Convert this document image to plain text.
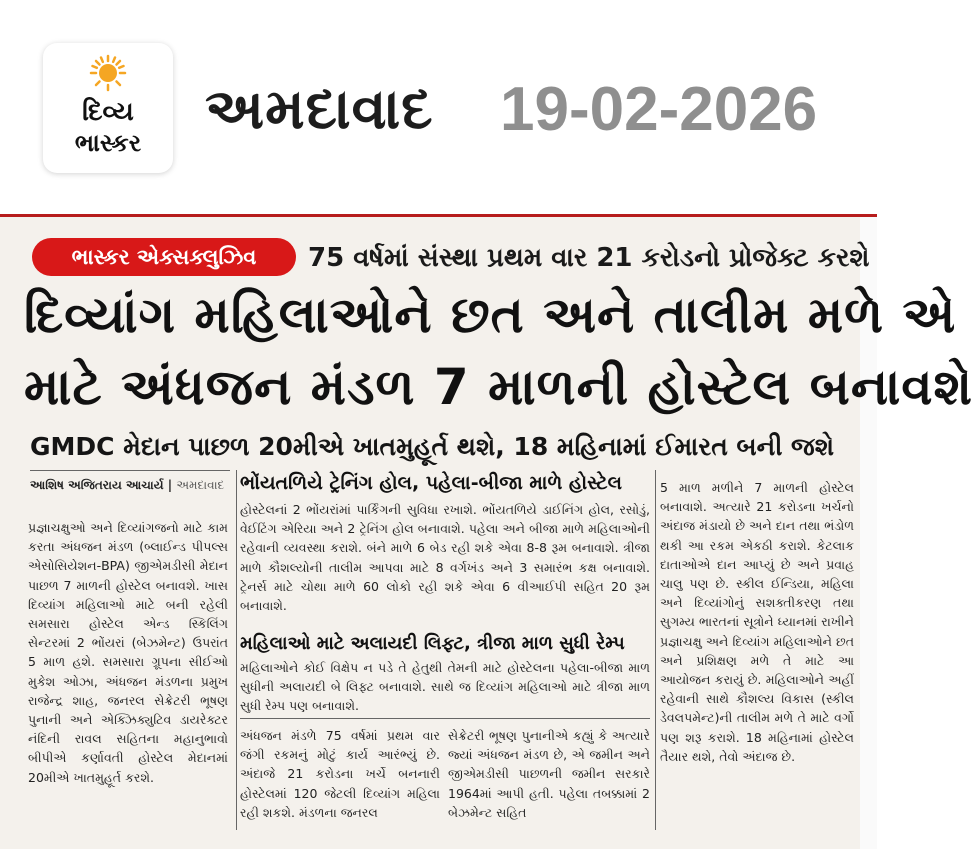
દિવ્ય
ભાસ્કર
અમદાવાદ 19-02-2026
ભાસ્કર એક્સક્લુઝિવ	75 વર્ષમાં સંસ્થા પ્રથમ વાર 21 કરોડનો પ્રોજેક્ટ કરશે
દિવ્યાંગ મહિલાઓને છત અને તાલીમ મળે એ
માટે અંધજન મંડળ 7 માળની હોસ્ટેલ બનાવશે
GMDC મેદાન પાછળ 20મીએ ખાતમુહૂર્ત થશે, 18 મહિનામાં ઈમારત બની જશે
આશિષ અજિતરાય આચાર્ય | અમદાવાદ
પ્રજ્ઞાચક્ષુઓ અને દિવ્યાંગજનો માટે કામ કરતા અંધજન મંડળ (બ્લાઈન્ડ પીપલ્સ એસોસિયેશન-BPA) જીએમડીસી મેદાન પાછળ 7 માળની હોસ્ટેલ બનાવશે. ખાસ દિવ્યાંગ મહિલાઓ માટે બની રહેલી સમસારા હોસ્ટેલ એન્ડ સ્કિલિંગ સેન્ટરમાં 2 ભોંયરાં (બેઝમેન્ટ) ઉપરાંત 5 માળ હશે. સમસારા ગ્રૂપના સીઈઓ મુકેશ ઓઝા, અંધજન મંડળના પ્રમુખ રાજેન્દ્ર શાહ, જનરલ સેક્રેટરી ભૂષણ પુનાની અને એક્ઝિક્યુટિવ ડાયરેક્ટર નંદિની રાવલ સહિતના મહાનુભાવો બીપીએ કર્ણાવતી હોસ્ટેલ મેદાનમાં 20મીએ ખાતમુહૂર્ત કરશે.
ભોંયતળિયે ટ્રેનિંગ હોલ, પહેલા-બીજા માળે હોસ્ટેલ
હોસ્ટેલનાં 2 ભોંયરાંમાં પાર્કિંગની સુવિધા રખાશે. ભોંયતળિયે ડાઈનિંગ હોલ, રસોડું, વેઈટિંગ એરિયા અને 2 ટ્રેનિંગ હોલ બનાવાશે. પહેલા અને બીજા માળે મહિલાઓની રહેવાની વ્યવસ્થા કરાશે. બંને માળે 6 બેડ રહી શકે એવા 8-8 રૂમ બનાવાશે. ત્રીજા માળે કૌશલ્યોની તાલીમ આપવા માટે 8 વર્ગખંડ અને 3 સમારંભ કક્ષ બનાવાશે. ટ્રેનર્સ માટે ચોથા માળે 60 લોકો રહી શકે એવા 6 વીઆઈપી સહિત 20 રૂમ બનાવાશે.
મહિલાઓ માટે અલાયદી લિફ્ટ, ત્રીજા માળ સુધી રેમ્પ
મહિલાઓને કોઈ વિક્ષેપ ન પડે તે હેતુથી તેમની માટે હોસ્ટેલના પહેલા-બીજા માળ સુધીની અલાયદી બે લિફ્ટ બનાવાશે. સાથે જ દિવ્યાંગ મહિલાઓ માટે ત્રીજા માળ સુધી રેમ્પ પણ બનાવાશે.
અંધજન મંડળે 75 વર્ષમાં પ્રથમ વાર જંગી રકમનું મોટું કાર્ય આરંભ્યું છે. અંદાજે 21 કરોડના ખર્ચે બનનારી હોસ્ટેલમાં 120 જેટલી દિવ્યાંગ મહિલા રહી શકશે. મંડળના જનરલ
સેક્રેટરી ભૂષણ પુનાનીએ કહ્યું કે અત્યારે જ્યાં અંધજન મંડળ છે, એ જમીન અને જીએમડીસી પાછળની જમીન સરકારે 1964માં આપી હતી. પહેલા તબક્કામાં 2 બેઝમેન્ટ સહિત
5 માળ મળીને 7 માળની હોસ્ટેલ બનાવાશે. અત્યારે 21 કરોડના ખર્ચનો અંદાજ મંડાયો છે અને દાન તથા ભંડોળ થકી આ રકમ એકઠી કરાશે. કેટલાક દાતાઓએ દાન આપ્યું છે અને પ્રવાહ ચાલુ પણ છે. સ્કીલ ઈન્ડિયા, મહિલા અને દિવ્યાંગોનું સશક્તીકરણ તથા સુગમ્ય ભારતનાં સૂત્રોને ધ્યાનમાં રાખીને પ્રજ્ઞાચક્ષુ અને દિવ્યાંગ મહિલાઓને છત અને પ્રશિક્ષણ મળે તે માટે આ આયોજન કરાયું છે. મહિલાઓને અહીં રહેવાની સાથે કૌશલ્ય વિકાસ (સ્કીલ ડેવલપમેન્ટ)ની તાલીમ મળે તે માટે વર્ગો પણ શરૂ કરાશે. 18 મહિનામાં હોસ્ટેલ તૈયાર થશે, તેવો અંદાજ છે.
